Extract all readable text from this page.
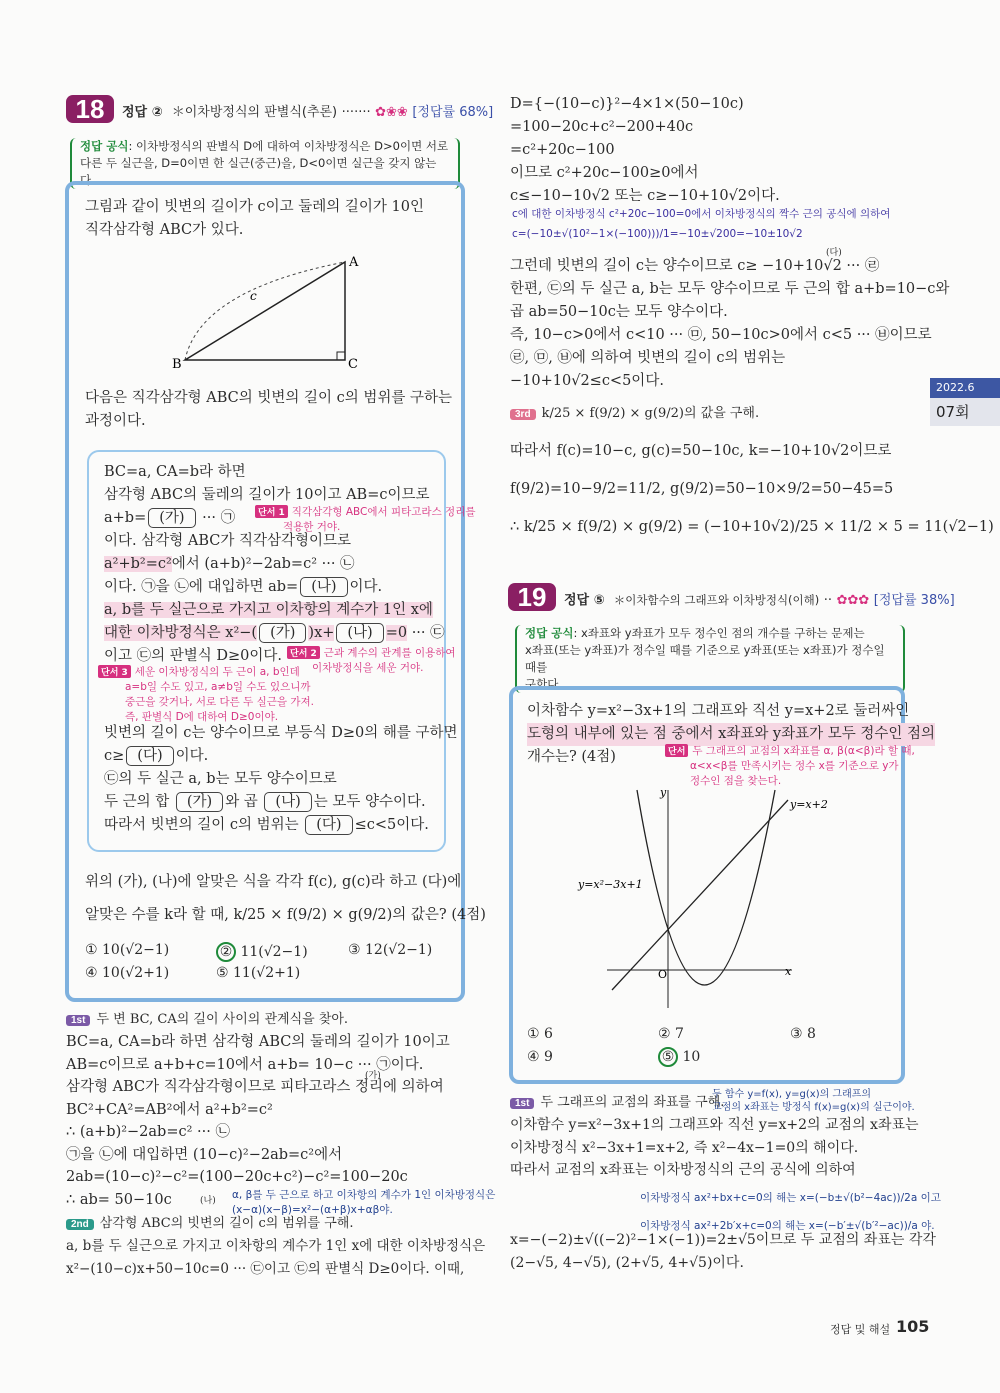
18	정답 ② ＊이차방정식의 판별식(추론) ······· ✿❀❀ [정답률 68%]
정답 공식: 이차방정식의 판별식 D에 대하여 이차방정식은 D>0이면 서로
다른 두 실근을, D=0이면 한 실근(중근)을, D<0이면 실근을 갖지 않는다.
그림과 같이 빗변의 길이가 c이고 둘레의 길이가 10인
직각삼각형 ABC가 있다.
A
B	C
c
다음은 직각삼각형 ABC의 빗변의 길이 c의 범위를 구하는
과정이다.
BC=a, CA=b라 하면
삼각형 ABC의 둘레의 길이가 10이고 AB=c이므로
a+b= (가) ··· ㉠
이다. 삼각형 ABC가 직각삼각형이므로
a²+b²=c²에서 (a+b)²−2ab=c² ··· ㉡
이다. ㉠을 ㉡에 대입하면 ab= (나) 이다.
a, b를 두 실근으로 가지고 이차항의 계수가 1인 x에
대한 이차방정식은 x²−( (가) )x+ (나) =0 ··· ㉢
이고 ㉢의 판별식 D≥0이다.
단서 1 직각삼각형 ABC에서 피타고라스 정리를
적용한 거야.
단서 2 근과 계수의 관계를 이용하여
이차방정식을 세운 거야.
단서 3 세운 이차방정식의 두 근이 a, b인데
a=b일 수도 있고, a≠b일 수도 있으니까
중근을 갖거나, 서로 다른 두 실근을 가져.
즉, 판별식 D에 대하여 D≥0이야.
빗변의 길이 c는 양수이므로 부등식 D≥0의 해를 구하면
c≥ (다) 이다.
㉢의 두 실근 a, b는 모두 양수이므로
두 근의 합 (가) 와 곱 (나) 는 모두 양수이다.
따라서 빗변의 길이 c의 범위는 (다) ≤c<5이다.
위의 (가), (나)에 알맞은 식을 각각 f(c), g(c)라 하고 (다)에
알맞은 수를 k라 할 때, k/25 × f(9/2) × g(9/2)의 값은? (4점)
① 10(√2−1)	② 11(√2−1)	③ 12(√2−1)
④ 10(√2+1)	⑤ 11(√2+1)
1st 두 변 BC, CA의 길이 사이의 관계식을 찾아.
BC=a, CA=b라 하면 삼각형 ABC의 둘레의 길이가 10이고
AB=c이므로 a+b+c=10에서 a+b= 10−c ··· ㉠이다.
삼각형 ABC가 직각삼각형이므로 피타고라스 정리에 의하여
BC²+CA²=AB²에서 a²+b²=c²
∴ (a+b)²−2ab=c² ··· ㉡
㉠을 ㉡에 대입하면 (10−c)²−2ab=c²에서
2ab=(10−c)²−c²=(100−20c+c²)−c²=100−20c
∴ ab= 50−10c
(가)
(나) α, β를 두 근으로 하고 이차항의 계수가 1인 이차방정식은
(x−α)(x−β)=x²−(α+β)x+αβ야.
2nd 삼각형 ABC의 빗변의 길이 c의 범위를 구해.
a, b를 두 실근으로 가지고 이차항의 계수가 1인 x에 대한 이차방정식은
x²−(10−c)x+50−10c=0 ··· ㉢이고 ㉢의 판별식 D≥0이다. 이때,
D={−(10−c)}²−4×1×(50−10c)
=100−20c+c²−200+40c
=c²+20c−100
이므로 c²+20c−100≥0에서
c≤−10−10√2 또는 c≥−10+10√2이다.
c에 대한 이차방정식 c²+20c−100=0에서 이차방정식의 짝수 근의 공식에 의하여
c=(−10±√(10²−1×(−100)))/1=−10±√200=−10±10√2
(다)
그런데 빗변의 길이 c는 양수이므로 c≥ −10+10√2 ··· ㉣
한편, ㉢의 두 실근 a, b는 모두 양수이므로 두 근의 합 a+b=10−c와
곱 ab=50−10c는 모두 양수이다.
즉, 10−c>0에서 c<10 ··· ㉤, 50−10c>0에서 c<5 ··· ㉥이므로
㉣, ㉤, ㉥에 의하여 빗변의 길이 c의 범위는
−10+10√2≤c<5이다.
3rd k/25 × f(9/2) × g(9/2)의 값을 구해.
따라서 f(c)=10−c, g(c)=50−10c, k=−10+10√2이므로
f(9/2)=10−9/2=11/2, g(9/2)=50−10×9/2=50−45=5
∴ k/25 × f(9/2) × g(9/2) = (−10+10√2)/25 × 11/2 × 5 = 11(√2−1)
2022.6
07회
19	정답 ⑤ ＊이차함수의 그래프와 이차방정식(이해) ·· ✿✿✿ [정답률 38%]
정답 공식: x좌표와 y좌표가 모두 정수인 점의 개수를 구하는 문제는
x좌표(또는 y좌표)가 정수일 때를 기준으로 y좌표(또는 x좌표)가 정수일 때를
구한다.
이차함수 y=x²−3x+1의 그래프와 직선 y=x+2로 둘러싸인
도형의 내부에 있는 점 중에서 x좌표와 y좌표가 모두 정수인 점의
개수는? (4점)	단서 두 그래프의 교점의 x좌표를 α, β(α<β)라 할 때,
α<x<β를 만족시키는 정수 x를 기준으로 y가
정수인 점을 찾는다.
y
x
O
y=x²−3x+1
y=x+2
① 6	② 7	③ 8
④ 9	⑤ 10
1st 두 그래프의 교점의 좌표를 구해.
두 함수 y=f(x), y=g(x)의 그래프의
교점의 x좌표는 방정식 f(x)=g(x)의 실근이야.
이차함수 y=x²−3x+1의 그래프와 직선 y=x+2의 교점의 x좌표는
이차방정식 x²−3x+1=x+2, 즉 x²−4x−1=0의 해이다.
따라서 교점의 x좌표는 이차방정식의 근의 공식에 의하여
이차방정식 ax²+bx+c=0의 해는 x=(−b±√(b²−4ac))/2a 이고
이차방정식 ax²+2b′x+c=0의 해는 x=(−b′±√(b′²−ac))/a 야.
x=−(−2)±√((−2)²−1×(−1))=2±√5이므로 두 교점의 좌표는 각각
(2−√5, 4−√5), (2+√5, 4+√5)이다.
정답 및 해설 105
